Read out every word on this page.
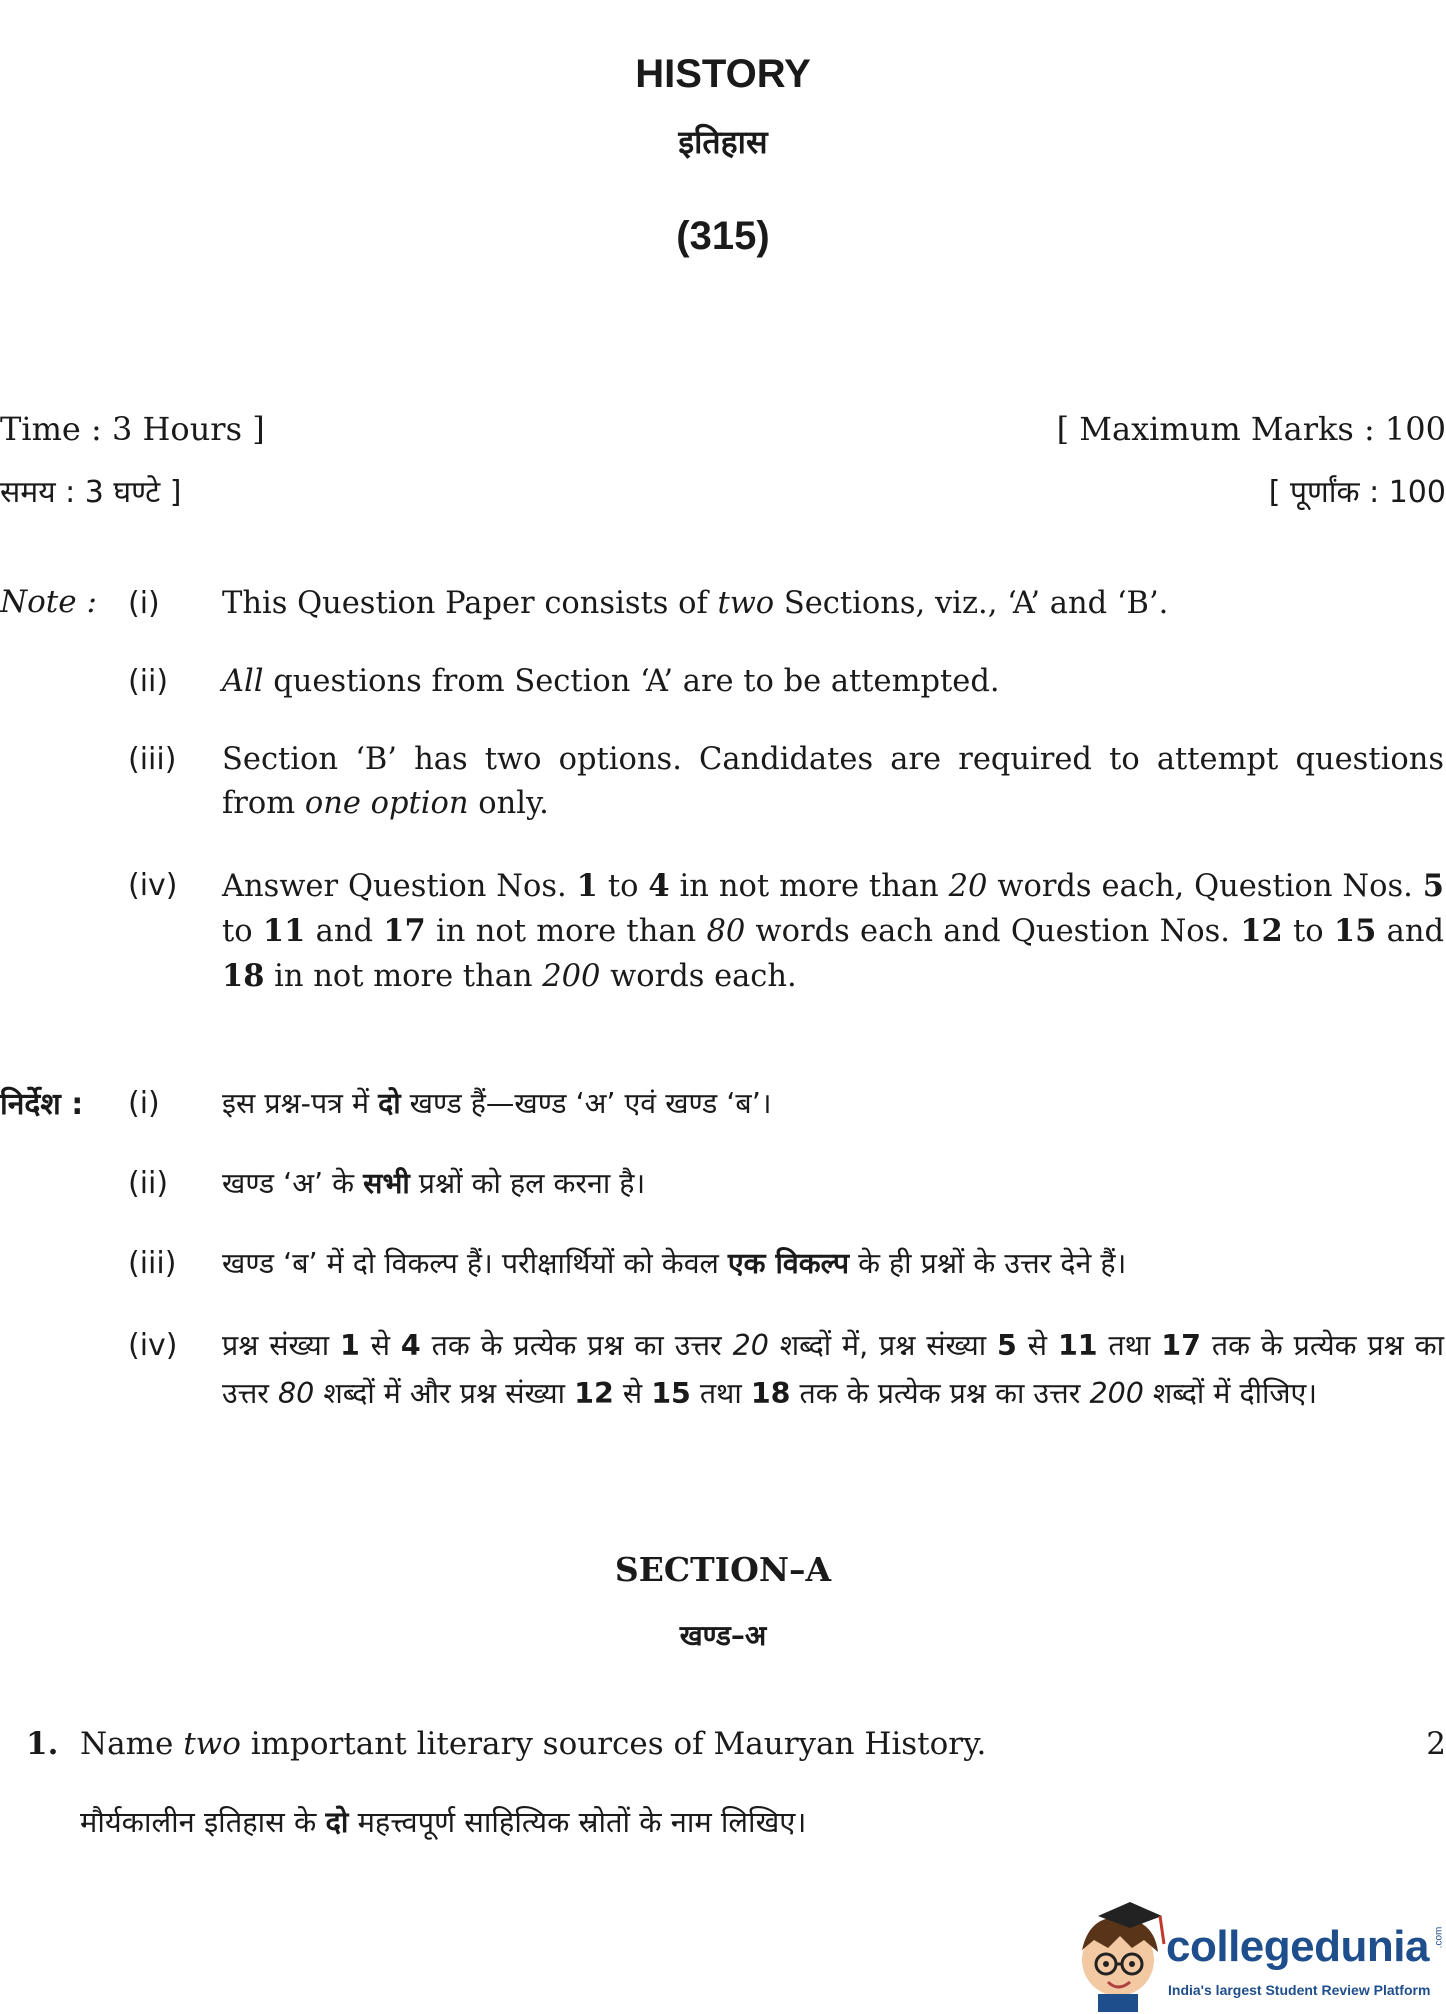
HISTORY
इतिहास
(315)
Time : 3 Hours ]	[ Maximum Marks : 100
समय : 3 घण्टे ]	[ पूर्णांक : 100
Note : (i) This Question Paper consists of two Sections, viz., ‘A’ and ‘B’.
(ii) All questions from Section ‘A’ are to be attempted.
(iii) Section ‘B’ has two options. Candidates are required to attempt questions from one option only.
(iv) Answer Question Nos. 1 to 4 in not more than 20 words each, Question Nos. 5 to 11 and 17 in not more than 80 words each and Question Nos. 12 to 15 and 18 in not more than 200 words each.
निर्देश : (i) इस प्रश्न-पत्र में दो खण्ड हैं—खण्ड ‘अ’ एवं खण्ड ‘ब’।
(ii) खण्ड ‘अ’ के सभी प्रश्नों को हल करना है।
(iii) खण्ड ‘ब’ में दो विकल्प हैं। परीक्षार्थियों को केवल एक विकल्प के ही प्रश्नों के उत्तर देने हैं।
(iv) प्रश्न संख्या 1 से 4 तक के प्रत्येक प्रश्न का उत्तर 20 शब्दों में, प्रश्न संख्या 5 से 11 तथा 17 तक के प्रत्येक प्रश्न का उत्तर 80 शब्दों में और प्रश्न संख्या 12 से 15 तथा 18 तक के प्रत्येक प्रश्न का उत्तर 200 शब्दों में दीजिए।
SECTION–A
खण्ड–अ
1. Name two important literary sources of Mauryan History.	2
मौर्यकालीन इतिहास के दो महत्त्वपूर्ण साहित्यिक स्रोतों के नाम लिखिए।
collegedunia .com
India's largest Student Review Platform
